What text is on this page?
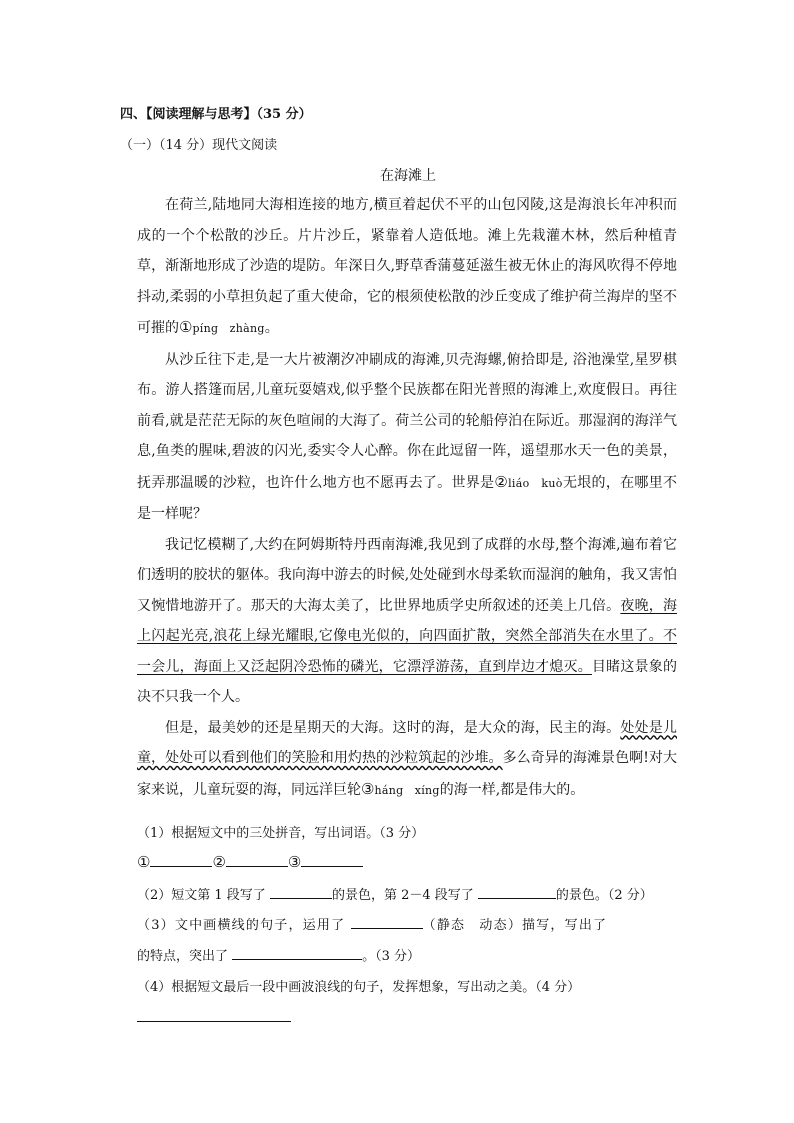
四、【阅读理解与思考】（35 分）
（一）（14 分）现代文阅读
在海滩上

在荷兰,陆地同大海相连接的地方,横亘着起伏不平的山包冈陵,这是海浪长年冲积而成的一个个松散的沙丘。片片沙丘，紧靠着人造低地。滩上先栽灌木林，然后种植青草，渐渐地形成了沙造的堤防。年深日久,野草香蒲蔓延滋生被无休止的海风吹得不停地抖动,柔弱的小草担负起了重大使命，它的根须使松散的沙丘变成了维护荷兰海岸的坚不可摧的①píng　zhàng。

从沙丘往下走,是一大片被潮汐冲刷成的海滩,贝壳海螺,俯拾即是, 浴池澡堂,星罗棋布。游人搭篷而居,儿童玩耍嬉戏,似乎整个民族都在阳光普照的海滩上,欢度假日。再往前看,就是茫茫无际的灰色喧闹的大海了。荷兰公司的轮船停泊在际近。那湿润的海洋气息,鱼类的腥味,碧波的闪光,委实令人心醉。你在此逗留一阵，遥望那水天一色的美景，抚弄那温暖的沙粒，也许什么地方也不愿再去了。世界是②liáo　kuò无垠的，在哪里不是一样呢？

我记忆模糊了,大约在阿姆斯特丹西南海滩,我见到了成群的水母,整个海滩,遍布着它们透明的胶状的躯体。我向海中游去的时候,处处碰到水母柔软而湿润的触角，我又害怕又惋惜地游开了。那天的大海太美了，比世界地质学史所叙述的还美上几倍。夜晚，海上闪起光亮,浪花上绿光耀眼,它像电光似的，向四面扩散，突然全部消失在水里了。不一会儿，海面上又泛起阴冷恐怖的磷光，它漂浮游荡，直到岸边才熄灭。目睹这景象的决不只我一个人。

但是，最美妙的还是星期天的大海。这时的海，是大众的海，民主的海。处处是儿童，处处可以看到他们的笑脸和用灼热的沙粒筑起的沙堆。多么奇异的海滩景色啊!对大家来说，儿童玩耍的海，同远洋巨轮③háng　xíng的海一样,都是伟大的。

（1）根据短文中的三处拼音，写出词语。（3 分）
①	②	③
（2）短文第 1 段写了	的景色，第 2－4 段写了	的景色。（2 分）
（3）文中画横线的句子，运用了	（静态　动态）描写，写出了
的特点，突出了	。（3 分）
（4）根据短文最后一段中画波浪线的句子，发挥想象，写出动之美。（4 分）
